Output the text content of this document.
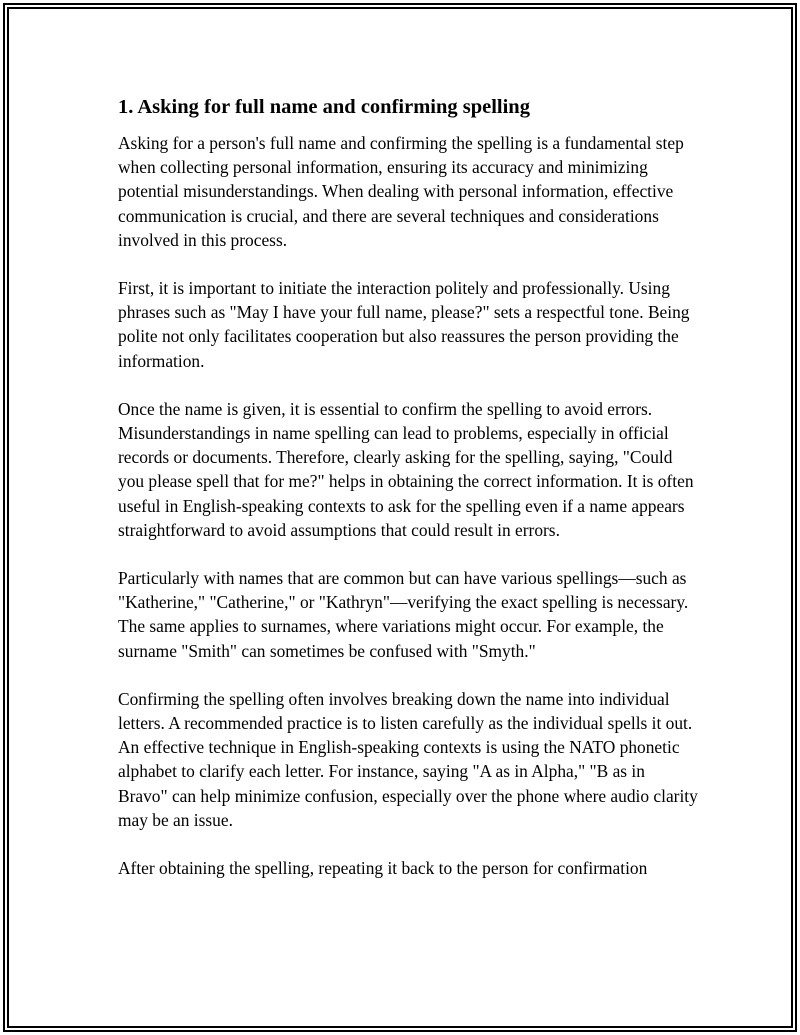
1. Asking for full name and confirming spelling

Asking for a person's full name and confirming the spelling is a fundamental step when collecting personal information, ensuring its accuracy and minimizing potential misunderstandings. When dealing with personal information, effective communication is crucial, and there are several techniques and considerations involved in this process.

First, it is important to initiate the interaction politely and professionally. Using phrases such as "May I have your full name, please?" sets a respectful tone. Being polite not only facilitates cooperation but also reassures the person providing the information.

Once the name is given, it is essential to confirm the spelling to avoid errors. Misunderstandings in name spelling can lead to problems, especially in official records or documents. Therefore, clearly asking for the spelling, saying, "Could you please spell that for me?" helps in obtaining the correct information. It is often useful in English-speaking contexts to ask for the spelling even if a name appears straightforward to avoid assumptions that could result in errors.

Particularly with names that are common but can have various spellings—such as "Katherine," "Catherine," or "Kathryn"—verifying the exact spelling is necessary. The same applies to surnames, where variations might occur. For example, the surname "Smith" can sometimes be confused with "Smyth."

Confirming the spelling often involves breaking down the name into individual letters. A recommended practice is to listen carefully as the individual spells it out. An effective technique in English-speaking contexts is using the NATO phonetic alphabet to clarify each letter. For instance, saying "A as in Alpha," "B as in Bravo" can help minimize confusion, especially over the phone where audio clarity may be an issue.

After obtaining the spelling, repeating it back to the person for confirmation
